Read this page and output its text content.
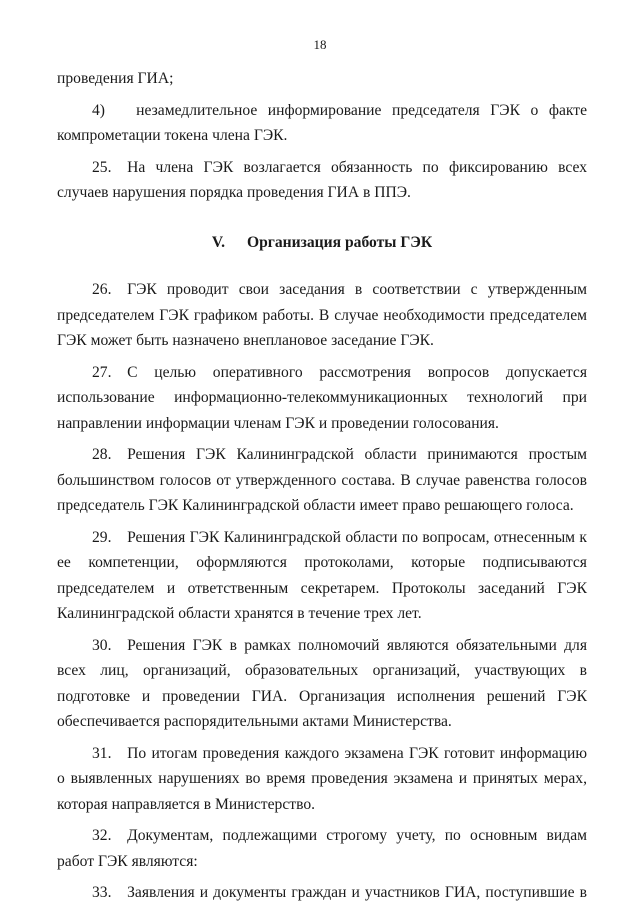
18

проведения ГИА;

4)  незамедлительное информирование председателя ГЭК о факте компрометации токена члена ГЭК.

25. На члена ГЭК возлагается обязанность по фиксированию всех случаев нарушения порядка проведения ГИА в ППЭ.

V. Организация работы ГЭК

26. ГЭК проводит свои заседания в соответствии с утвержденным председателем ГЭК графиком работы. В случае необходимости председателем ГЭК может быть назначено внеплановое заседание ГЭК.

27. С целью оперативного рассмотрения вопросов допускается использование информационно-телекоммуникационных технологий при направлении информации членам ГЭК и проведении голосования.

28. Решения ГЭК Калининградской области принимаются простым большинством голосов от утвержденного состава. В случае равенства голосов председатель ГЭК Калининградской области имеет право решающего голоса.

29. Решения ГЭК Калининградской области по вопросам, отнесенным к ее компетенции, оформляются протоколами, которые подписываются председателем и ответственным секретарем. Протоколы заседаний ГЭК Калининградской области хранятся в течение трех лет.

30. Решения ГЭК в рамках полномочий являются обязательными для всех лиц, организаций, образовательных организаций, участвующих в подготовке и проведении ГИА. Организация исполнения решений ГЭК обеспечивается распорядительными актами Министерства.

31. По итогам проведения каждого экзамена ГЭК готовит информацию о выявленных нарушениях во время проведения экзамена и принятых мерах, которая направляется в Министерство.

32. Документам, подлежащими строгому учету, по основным видам работ ГЭК являются:

33. Заявления и документы граждан и участников ГИА, поступившие в
